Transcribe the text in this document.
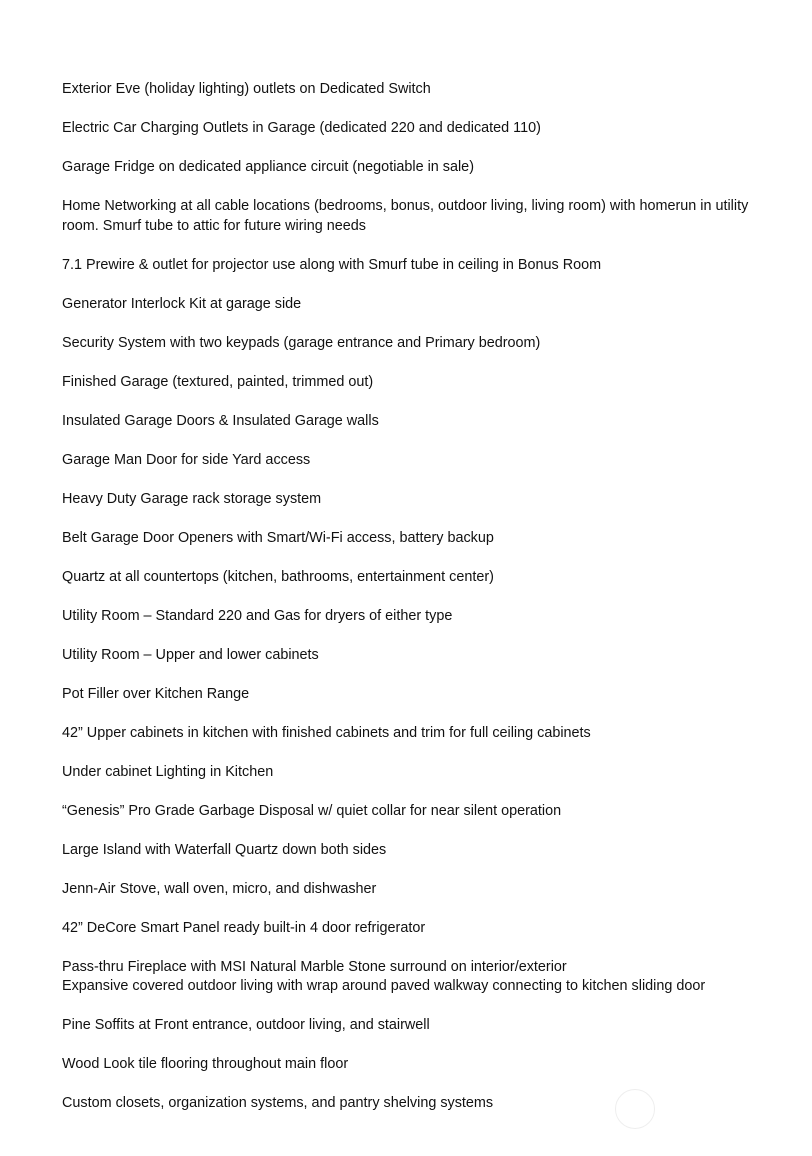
Exterior Eve (holiday lighting) outlets on Dedicated Switch
Electric Car Charging Outlets in Garage (dedicated 220 and dedicated 110)
Garage Fridge on dedicated appliance circuit (negotiable in sale)
Home Networking at all cable locations (bedrooms, bonus, outdoor living, living room) with homerun in utility
room. Smurf tube to attic for future wiring needs
7.1 Prewire & outlet for projector use along with Smurf tube in ceiling in Bonus Room
Generator Interlock Kit at garage side
Security System with two keypads (garage entrance and Primary bedroom)
Finished Garage (textured, painted, trimmed out)
Insulated Garage Doors & Insulated Garage walls
Garage Man Door for side Yard access
Heavy Duty Garage rack storage system
Belt Garage Door Openers with Smart/Wi-Fi access, battery backup
Quartz at all countertops (kitchen, bathrooms, entertainment center)
Utility Room – Standard 220 and Gas for dryers of either type
Utility Room – Upper and lower cabinets
Pot Filler over Kitchen Range
42” Upper cabinets in kitchen with finished cabinets and trim for full ceiling cabinets
Under cabinet Lighting in Kitchen
“Genesis” Pro Grade Garbage Disposal w/ quiet collar for near silent operation
Large Island with Waterfall Quartz down both sides
Jenn-Air Stove, wall oven, micro, and dishwasher
42” DeCore Smart Panel ready built-in 4 door refrigerator
Pass-thru Fireplace with MSI Natural Marble Stone surround on interior/exterior
Expansive covered outdoor living with wrap around paved walkway connecting to kitchen sliding door
Pine Soffits at Front entrance, outdoor living, and stairwell
Wood Look tile flooring throughout main floor
Custom closets, organization systems, and pantry shelving systems
